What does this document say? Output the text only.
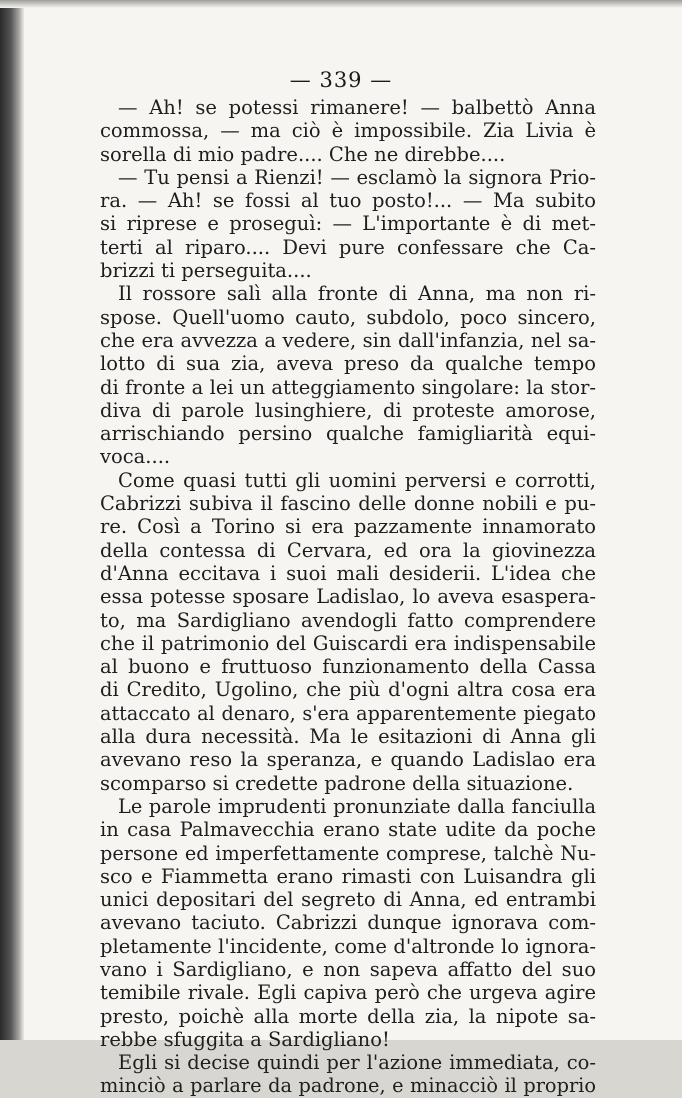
— 339 —
— Ah! se potessi rimanere! — balbettò Anna
commossa, — ma ciò è impossibile. Zia Livia è
sorella di mio padre.... Che ne direbbe....
— Tu pensi a Rienzi! — esclamò la signora Prio-
ra. — Ah! se fossi al tuo posto!... — Ma subito
si riprese e proseguì: — L'importante è di met-
terti al riparo.... Devi pure confessare che Ca-
brizzi ti perseguita....
Il rossore salì alla fronte di Anna, ma non ri-
spose. Quell'uomo cauto, subdolo, poco sincero,
che era avvezza a vedere, sin dall'infanzia, nel sa-
lotto di sua zia, aveva preso da qualche tempo
di fronte a lei un atteggiamento singolare: la stor-
diva di parole lusinghiere, di proteste amorose,
arrischiando persino qualche famigliarità equi-
voca....
Come quasi tutti gli uomini perversi e corrotti,
Cabrizzi subiva il fascino delle donne nobili e pu-
re. Così a Torino si era pazzamente innamorato
della contessa di Cervara, ed ora la giovinezza
d'Anna eccitava i suoi mali desiderii. L'idea che
essa potesse sposare Ladislao, lo aveva esaspera-
to, ma Sardigliano avendogli fatto comprendere
che il patrimonio del Guiscardi era indispensabile
al buono e fruttuoso funzionamento della Cassa
di Credito, Ugolino, che più d'ogni altra cosa era
attaccato al denaro, s'era apparentemente piegato
alla dura necessità. Ma le esitazioni di Anna gli
avevano reso la speranza, e quando Ladislao era
scomparso si credette padrone della situazione.
Le parole imprudenti pronunziate dalla fanciulla
in casa Palmavecchia erano state udite da poche
persone ed imperfettamente comprese, talchè Nu-
sco e Fiammetta erano rimasti con Luisandra gli
unici depositari del segreto di Anna, ed entrambi
avevano taciuto. Cabrizzi dunque ignorava com-
pletamente l'incidente, come d'altronde lo ignora-
vano i Sardigliano, e non sapeva affatto del suo
temibile rivale. Egli capiva però che urgeva agire
presto, poichè alla morte della zia, la nipote sa-
rebbe sfuggita a Sardigliano!
Egli si decise quindi per l'azione immediata, co-
minciò a parlare da padrone, e minacciò il proprio
